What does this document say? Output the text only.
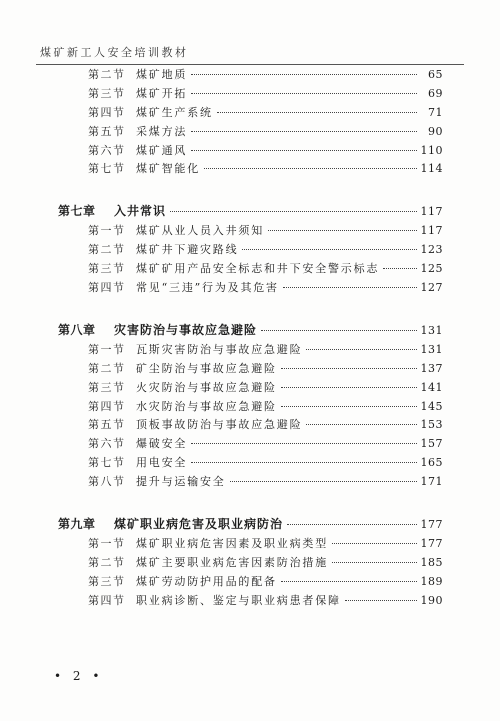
煤矿新工人安全培训教材
第二节 煤矿地质	65
第三节 煤矿开拓	69
第四节 煤矿生产系统	71
第五节 采煤方法	90
第六节 煤矿通风	110
第七节 煤矿智能化	114
第七章	入井常识	117
第一节 煤矿从业人员入井须知	117
第二节 煤矿井下避灾路线	123
第三节 煤矿矿用产品安全标志和井下安全警示标志	125
第四节 常见“三违”行为及其危害	127
第八章	灾害防治与事故应急避险	131
第一节 瓦斯灾害防治与事故应急避险	131
第二节 矿尘防治与事故应急避险	137
第三节 火灾防治与事故应急避险	141
第四节 水灾防治与事故应急避险	145
第五节 顶板事故防治与事故应急避险	153
第六节 爆破安全	157
第七节 用电安全	165
第八节 提升与运输安全	171
第九章	煤矿职业病危害及职业病防治	177
第一节 煤矿职业病危害因素及职业病类型	177
第二节 煤矿主要职业病危害因素防治措施	185
第三节 煤矿劳动防护用品的配备	189
第四节 职业病诊断、鉴定与职业病患者保障	190
• 2 •
